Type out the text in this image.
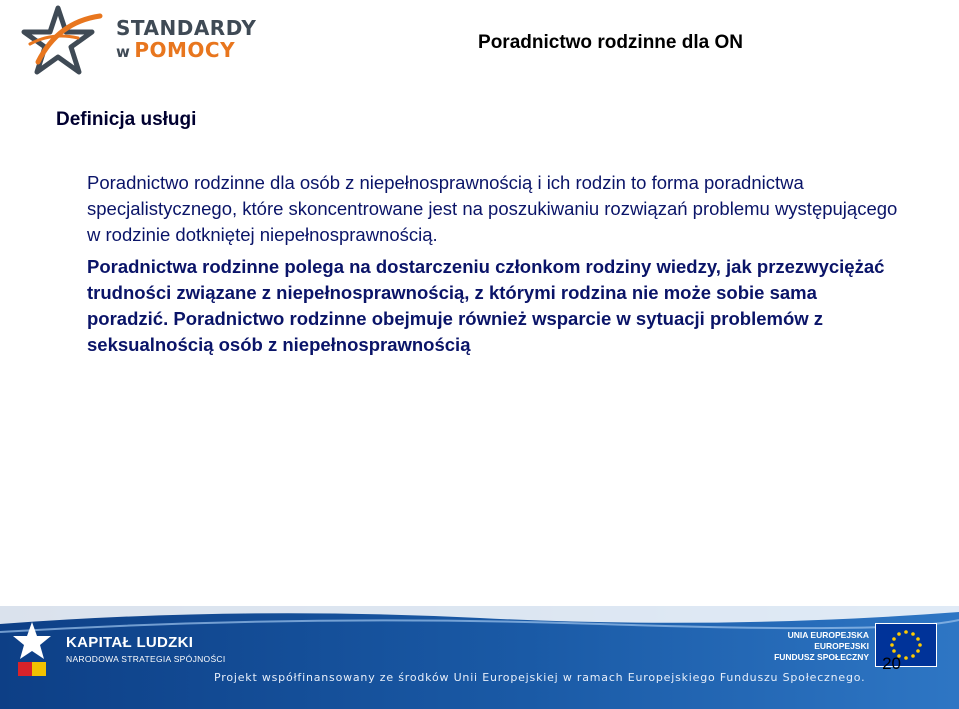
STANDARDY
w POMOCY	Poradnictwo rodzinne dla ON
Definicja usługi

Poradnictwo rodzinne dla osób z niepełnosprawnością i ich rodzin to forma poradnictwa specjalistycznego, które skoncentrowane jest na poszukiwaniu rozwiązań problemu występującego w rodzinie dotkniętej niepełnosprawnością.

Poradnictwa rodzinne polega na dostarczeniu członkom rodziny wiedzy, jak przezwyciężać trudności związane z niepełnosprawnością, z którymi rodzina nie może sobie sama poradzić. Poradnictwo rodzinne obejmuje również wsparcie w sytuacji problemów z seksualnością osób z niepełnosprawnością

KAPITAŁ LUDZKI
NARODOWA STRATEGIA SPÓJNOŚCI
Projekt współfinansowany ze środków Unii Europejskiej w ramach Europejskiego Funduszu Społecznego.
UNIA EUROPEJSKA
EUROPEJSKI
FUNDUSZ SPOŁECZNY 20
